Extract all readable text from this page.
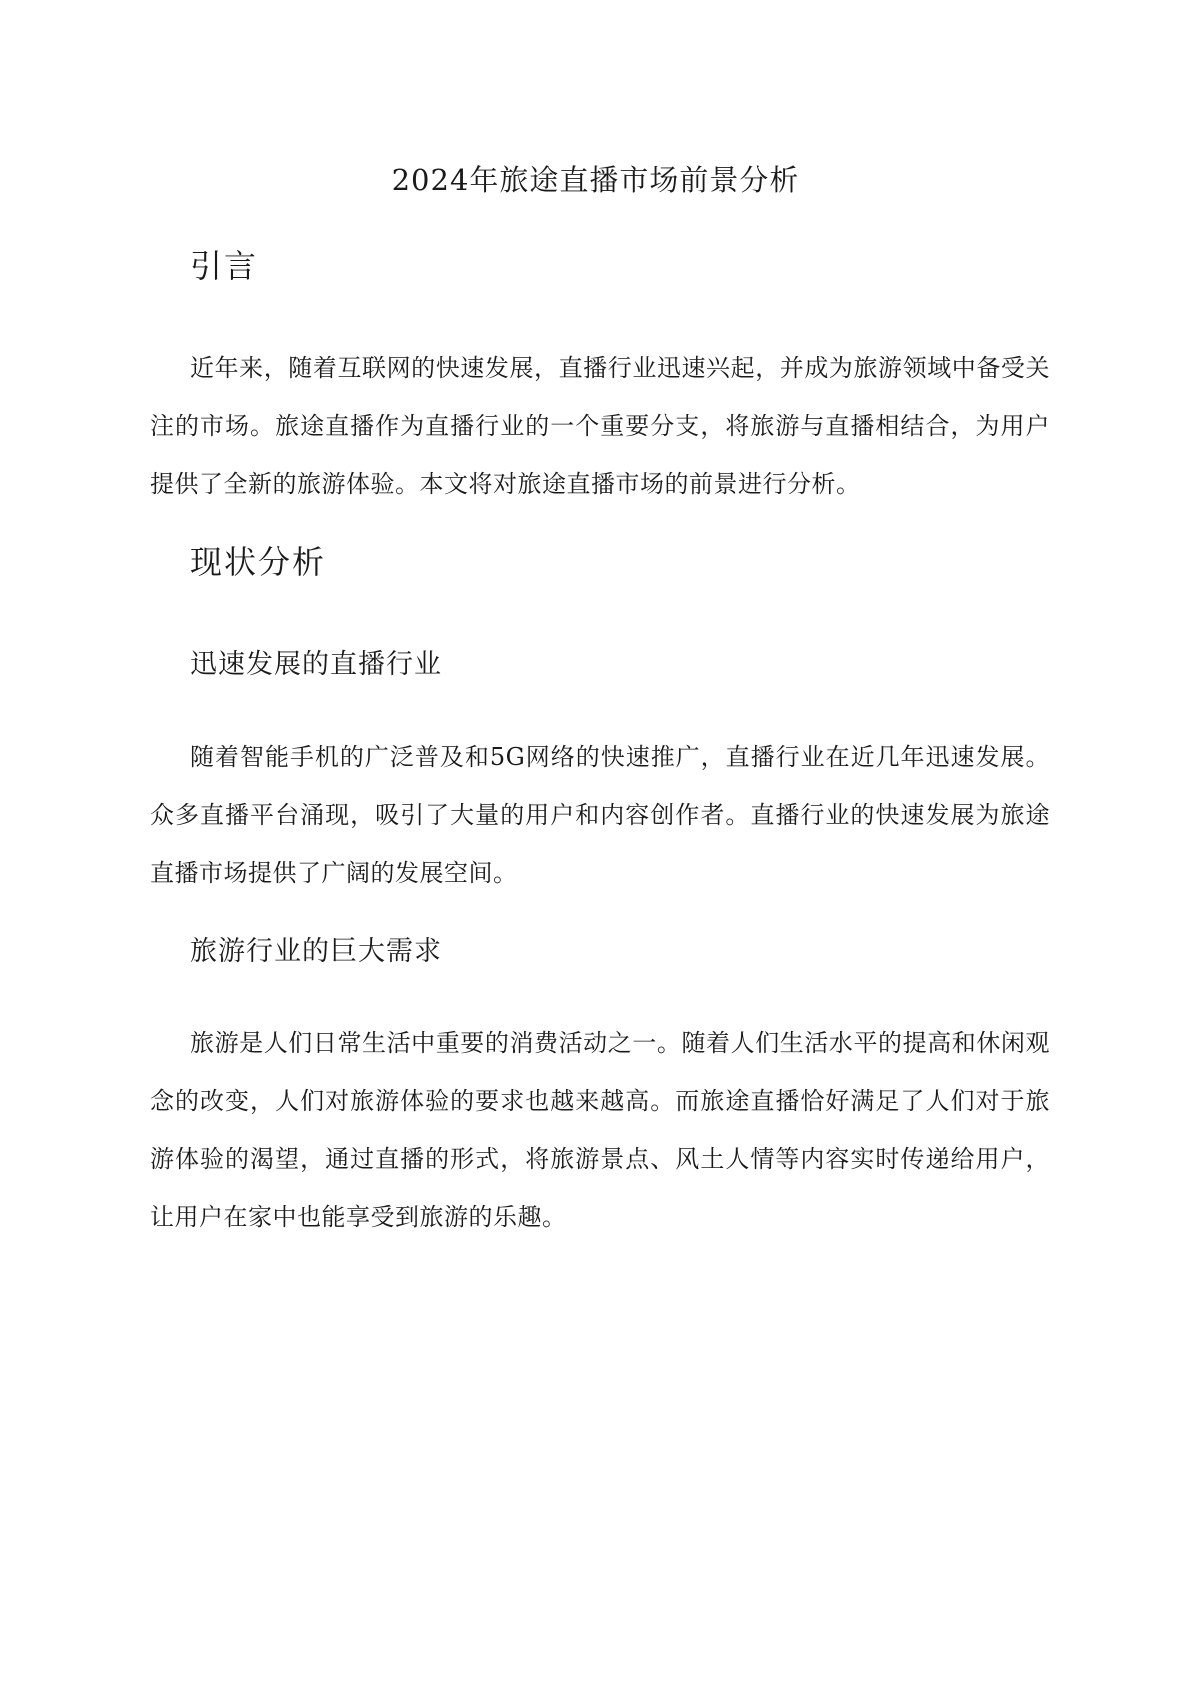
2024年旅途直播市场前景分析
引言

近年来，随着互联网的快速发展，直播行业迅速兴起，并成为旅游领域中备受关注的市场。旅途直播作为直播行业的一个重要分支，将旅游与直播相结合，为用户提供了全新的旅游体验。本文将对旅途直播市场的前景进行分析。

现状分析
迅速发展的直播行业

随着智能手机的广泛普及和5G网络的快速推广，直播行业在近几年迅速发展。众多直播平台涌现，吸引了大量的用户和内容创作者。直播行业的快速发展为旅途直播市场提供了广阔的发展空间。

旅游行业的巨大需求

旅游是人们日常生活中重要的消费活动之一。随着人们生活水平的提高和休闲观念的改变，人们对旅游体验的要求也越来越高。而旅途直播恰好满足了人们对于旅游体验的渴望，通过直播的形式，将旅游景点、风土人情等内容实时传递给用户，让用户在家中也能享受到旅游的乐趣。
